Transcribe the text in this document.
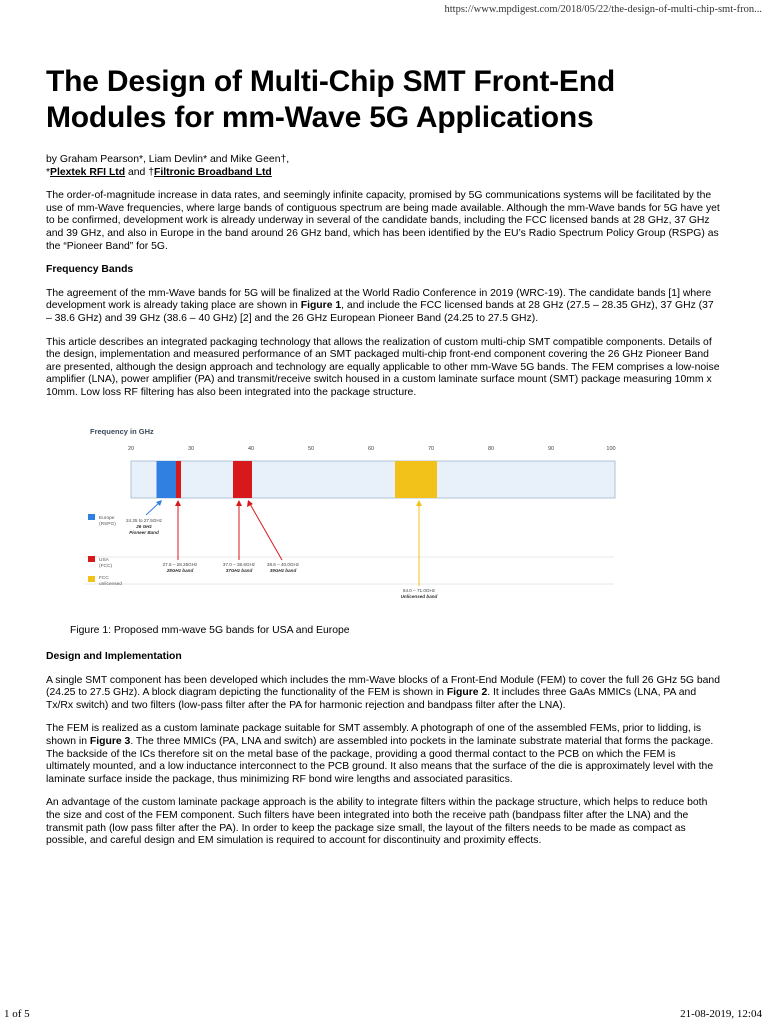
https://www.mpdigest.com/2018/05/22/the-design-of-multi-chip-smt-fron...
The Design of Multi-Chip SMT Front-End Modules for mm-Wave 5G Applications

by Graham Pearson*, Liam Devlin* and Mike Geen†,
*Plextek RFI Ltd and †Filtronic Broadband Ltd

The order-of-magnitude increase in data rates, and seemingly infinite capacity, promised by 5G communications systems will be facilitated by the use of mm-Wave frequencies, where large bands of contiguous spectrum are being made available. Although the mm-Wave bands for 5G have yet to be confirmed, development work is already underway in several of the candidate bands, including the FCC licensed bands at 28 GHz, 37 GHz and 39 GHz, and also in Europe in the band around 26 GHz band, which has been identified by the EU’s Radio Spectrum Policy Group (RSPG) as the “Pioneer Band” for 5G.

Frequency Bands

The agreement of the mm-Wave bands for 5G will be finalized at the World Radio Conference in 2019 (WRC-19). The candidate bands [1] where development work is already taking place are shown in Figure 1, and include the FCC licensed bands at 28 GHz (27.5 – 28.35 GHz), 37 GHz (37 – 38.6 GHz) and 39 GHz (38.6 – 40 GHz) [2] and the 26 GHz European Pioneer Band (24.25 to 27.5 GHz).

This article describes an integrated packaging technology that allows the realization of custom multi-chip SMT compatible components. Details of the design, implementation and measured performance of an SMT packaged multi-chip front-end component covering the 26 GHz Pioneer Band are presented, although the design approach and technology are equally applicable to other mm-Wave 5G bands. The FEM comprises a low-noise amplifier (LNA), power amplifier (PA) and transmit/receive switch housed in a custom laminate surface mount (SMT) package measuring 10mm x 10mm. Low loss RF filtering has also been integrated into the package structure.

Frequency in GHz
20	30	40	50	60	70	80	90	100
Europe
(RSPG)
USA
(FCC)
FCC
unlicensed
24.25 to 27.5GHz
26 GHz
Pioneer Band
27.5 – 28.35GHz
28GHz band
37.0 – 38.6GHz
37GHz band
38.6 – 40.0GHz
39GHz band
64.0 – 71.0GHz
Unlicensed band

Figure 1: Proposed mm-wave 5G bands for USA and Europe

Design and Implementation

A single SMT component has been developed which includes the mm-Wave blocks of a Front-End Module (FEM) to cover the full 26 GHz 5G band (24.25 to 27.5 GHz). A block diagram depicting the functionality of the FEM is shown in Figure 2. It includes three GaAs MMICs (LNA, PA and Tx/Rx switch) and two filters (low-pass filter after the PA for harmonic rejection and bandpass filter after the LNA).

The FEM is realized as a custom laminate package suitable for SMT assembly. A photograph of one of the assembled FEMs, prior to lidding, is shown in Figure 3. The three MMICs (PA, LNA and switch) are assembled into pockets in the laminate substrate material that forms the package. The backside of the ICs therefore sit on the metal base of the package, providing a good thermal contact to the PCB on which the FEM is ultimately mounted, and a low inductance interconnect to the PCB ground. It also means that the surface of the die is approximately level with the laminate surface inside the package, thus minimizing RF bond wire lengths and associated parasitics.

An advantage of the custom laminate package approach is the ability to integrate filters within the package structure, which helps to reduce both the size and cost of the FEM component. Such filters have been integrated into both the receive path (bandpass filter after the LNA) and the transmit path (low pass filter after the PA). In order to keep the package size small, the layout of the filters needs to be made as compact as possible, and careful design and EM simulation is required to account for discontinuity and proximity effects.

1 of 5	21-08-2019, 12:04
